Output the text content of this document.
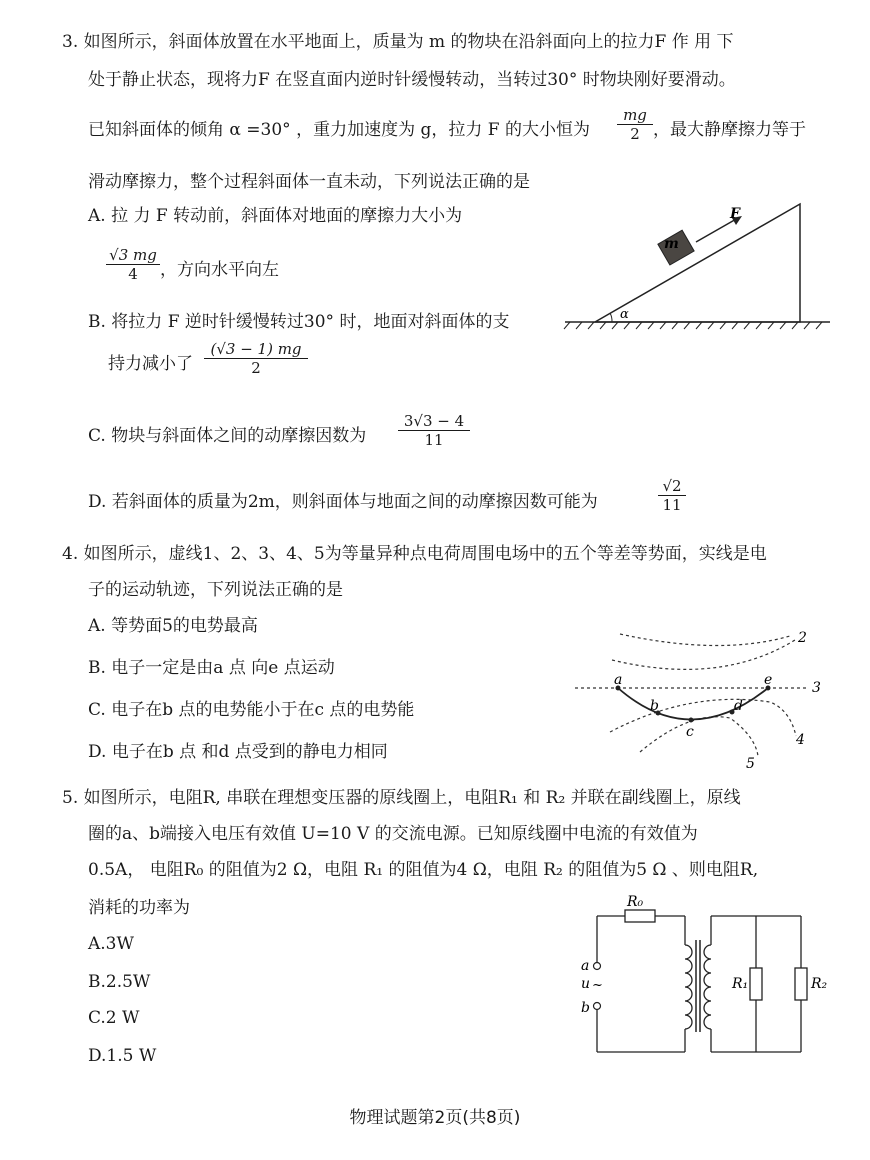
3. 如图所示，斜面体放置在水平地面上，质量为 m 的物块在沿斜面向上的拉力F 作 用 下
处于静止状态，现将力F 在竖直面内逆时针缓慢转动，当转过30° 时物块刚好要滑动。
已知斜面体的倾角 α =30° ，重力加速度为 g，拉力 F 的大小恒为 $\frac{mg}{2}$ ，最大静摩擦力等于
滑动摩擦力，整个过程斜面体一直未动，下列说法正确的是
A. 拉 力 F 转动前，斜面体对地面的摩擦力大小为
$\frac{√3 mg}{4}$ ，方向水平向左
B. 将拉力 F 逆时针缓慢转过30° 时，地面对斜面体的支
持力减小了 $\frac{(√3 - 1) mg}{2}$
C. 物块与斜面体之间的动摩擦因数为 $\frac{3√3 - 4}{11}$
D. 若斜面体的质量为2m，则斜面体与地面之间的动摩擦因数可能为	$\frac{√2}{11}$
α
m
F
4. 如图所示，虚线1、2、3、4、5为等量异种点电荷周围电场中的五个等差等势面，实线是电
子的运动轨迹，下列说法正确的是
A. 等势面5的电势最高
B. 电子一定是由a 点 向e 点运动
C. 电子在b 点的电势能小于在c 点的电势能
D. 电子在b 点 和d 点受到的静电力相同
a
b
c
d
e
2
3
4
5
5. 如图所示，电阻R, 串联在理想变压器的原线圈上，电阻R₁ 和 R₂ 并联在副线圈上，原线
圈的a、b端接入电压有效值 U=10 V 的交流电源。已知原线圈中电流的有效值为
0.5A， 电阻R₀ 的阻值为2 Ω，电阻 R₁ 的阻值为4 Ω，电阻 R₂ 的阻值为5 Ω 、则电阻R,
消耗的功率为
A.3W
B.2.5W
C.2 W
D.1.5 W
R₀
a
u ~
b
R₁	R₂
物理试题第2页(共8页)
